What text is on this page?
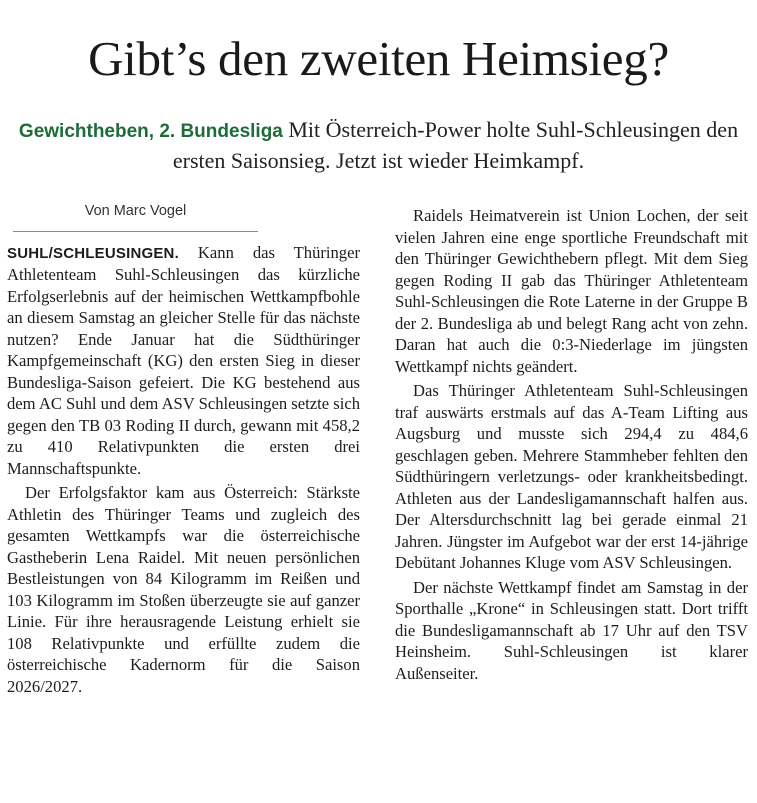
Gibt’s den zweiten Heimsieg?
Gewichtheben, 2. Bundesliga Mit Österreich-Power holte Suhl-Schleusingen den ersten Saisonsieg. Jetzt ist wieder Heimkampf.
Von Marc Vogel

SUHL/SCHLEUSINGEN. Kann das Thüringer Athletenteam Suhl-Schleusingen das kürzliche Erfolgserlebnis auf der heimischen Wettkampfbohle an diesem Samstag an gleicher Stelle für das nächste nutzen? Ende Januar hat die Südthüringer Kampfgemeinschaft (KG) den ersten Sieg in dieser Bundesliga-Saison gefeiert. Die KG bestehend aus dem AC Suhl und dem ASV Schleusingen setzte sich gegen den TB 03 Roding II durch, gewann mit 458,2 zu 410 Relativpunkten die ersten drei Mannschaftspunkte.

Der Erfolgsfaktor kam aus Österreich: Stärkste Athletin des Thüringer Teams und zugleich des gesamten Wettkampfs war die österreichische Gastheberin Lena Raidel. Mit neuen persönlichen Bestleistungen von 84 Kilogramm im Reißen und 103 Kilogramm im Stoßen überzeugte sie auf ganzer Linie. Für ihre herausragende Leistung erhielt sie 108 Relativpunkte und erfüllte zudem die österreichische Kadernorm für die Saison 2026/2027.

Raidels Heimatverein ist Union Lochen, der seit vielen Jahren eine enge sportliche Freundschaft mit den Thüringer Gewichthebern pflegt. Mit dem Sieg gegen Roding II gab das Thüringer Athletenteam Suhl-Schleusingen die Rote Laterne in der Gruppe B der 2. Bundesliga ab und belegt Rang acht von zehn. Daran hat auch die 0:3-Niederlage im jüngsten Wettkampf nichts geändert.

Das Thüringer Athletenteam Suhl-Schleusingen traf auswärts erstmals auf das A-Team Lifting aus Augsburg und musste sich 294,4 zu 484,6 geschlagen geben. Mehrere Stammheber fehlten den Südthüringern verletzungs- oder krankheitsbedingt. Athleten aus der Landesligamannschaft halfen aus. Der Altersdurchschnitt lag bei gerade einmal 21 Jahren. Jüngster im Aufgebot war der erst 14-jährige Debütant Johannes Kluge vom ASV Schleusingen.

Der nächste Wettkampf findet am Samstag in der Sporthalle „Krone“ in Schleusingen statt. Dort trifft die Bundesligamannschaft ab 17 Uhr auf den TSV Heinsheim. Suhl-Schleusingen ist klarer Außenseiter.
